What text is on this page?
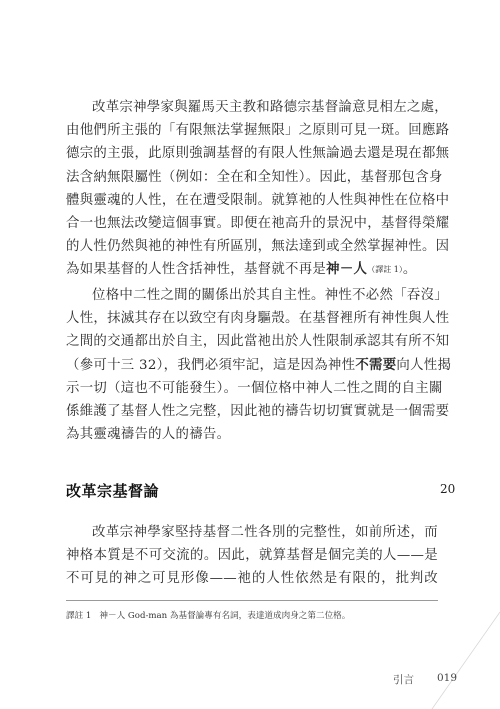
改革宗神學家與羅馬天主教和路德宗基督論意見相左之處，
由他們所主張的「有限無法掌握無限」之原則可見一斑。回應路
德宗的主張，此原則強調基督的有限人性無論過去還是現在都無
法含納無限屬性（例如：全在和全知性）。因此，基督那包含身
體與靈魂的人性，在在遭受限制。就算祂的人性與神性在位格中
合一也無法改變這個事實。即便在祂高升的景況中，基督得榮耀
的人性仍然與祂的神性有所區別，無法達到或全然掌握神性。因
為如果基督的人性含括神性，基督就不再是神－人（譯註 1）。
位格中二性之間的關係出於其自主性。神性不必然「吞沒」
人性，抹滅其存在以致空有肉身驅殼。在基督裡所有神性與人性
之間的交通都出於自主，因此當祂出於人性限制承認其有所不知
（參可十三 32），我們必須牢記，這是因為神性不需要向人性揭
示一切（這也不可能發生）。一個位格中神人二性之間的自主關
係維護了基督人性之完整，因此祂的禱告切切實實就是一個需要
為其靈魂禱告的人的禱告。
改革宗基督論	20
改革宗神學家堅持基督二性各別的完整性，如前所述，而
神格本質是不可交流的。因此，就算基督是個完美的人——是
不可見的神之可見形像——祂的人性依然是有限的，批判改
譯註 1 神－人 God-man 為基督論專有名詞，表達道成肉身之第二位格。
引言 019
